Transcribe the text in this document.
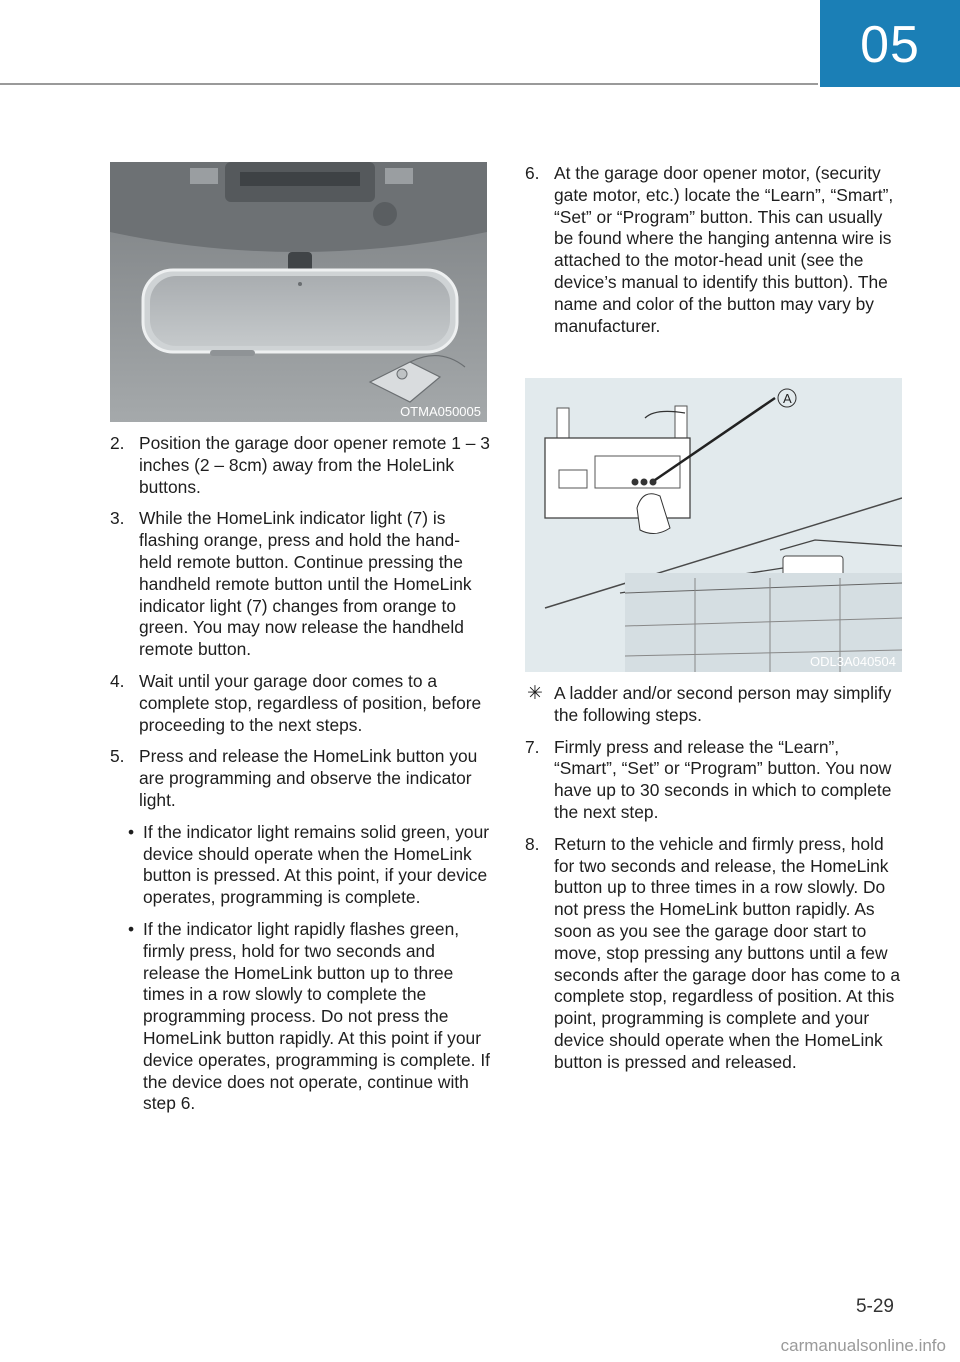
05
OTMA050005
A
ODL3A040504
2. Position the garage door opener remote 1 – 3 inches (2 – 8cm) away from the HoleLink buttons.
3. While the HomeLink indicator light (7) is flashing orange, press and hold the hand-held remote button. Continue pressing the handheld remote button until the HomeLink indicator light (7) changes from orange to green. You may now release the handheld remote button.
4. Wait until your garage door comes to a complete stop, regardless of position, before proceeding to the next steps.
5. Press and release the HomeLink button you are programming and observe the indicator light.
• If the indicator light remains solid green, your device should operate when the HomeLink button is pressed. At this point, if your device operates, programming is complete.
• If the indicator light rapidly flashes green, firmly press, hold for two seconds and release the HomeLink button up to three times in a row slowly to complete the programming process. Do not press the HomeLink button rapidly. At this point if your device operates, programming is complete. If the device does not operate, continue with step 6.
6. At the garage door opener motor, (security gate motor, etc.) locate the “Learn”, “Smart”, “Set” or “Program” button. This can usually be found where the hanging antenna wire is attached to the motor-head unit (see the device’s manual to identify this button). The name and color of the button may vary by manufacturer.
✳ A ladder and/or second person may simplify the following steps.
7. Firmly press and release the “Learn”, “Smart”, “Set” or “Program” button. You now have up to 30 seconds in which to complete the next step.
8. Return to the vehicle and firmly press, hold for two seconds and release, the HomeLink button up to three times in a row slowly. Do not press the HomeLink button rapidly. As soon as you see the garage door start to move, stop pressing any buttons until a few seconds after the garage door has come to a complete stop, regardless of position. At this point, programming is complete and your device should operate when the HomeLink button is pressed and released.
5-29
carmanualsonline.info
